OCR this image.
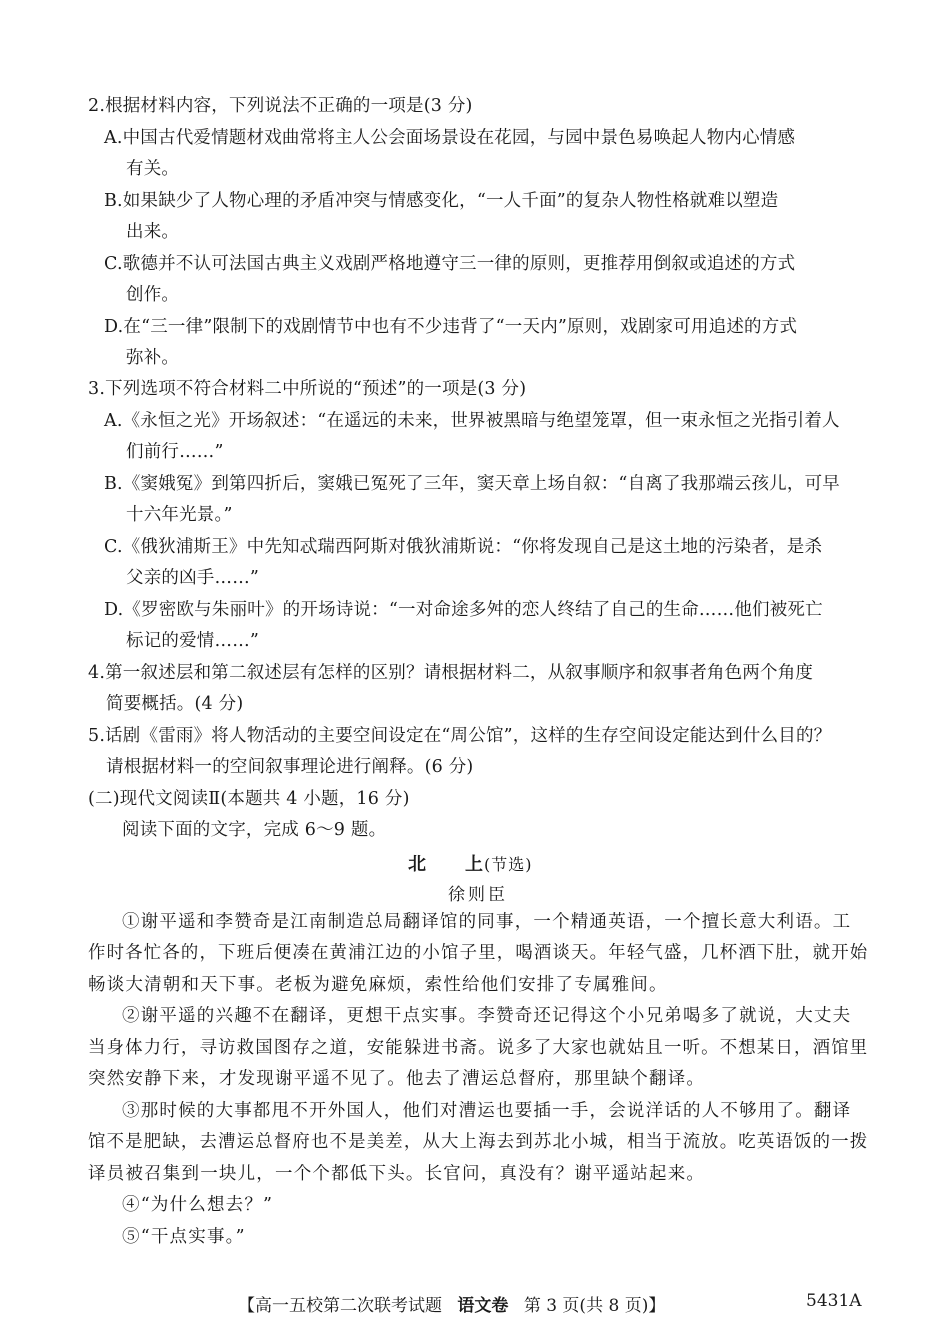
2.根据材料内容，下列说法不正确的一项是(3 分)
A.中国古代爱情题材戏曲常将主人公会面场景设在花园，与园中景色易唤起人物内心情感
有关。
B.如果缺少了人物心理的矛盾冲突与情感变化，“一人千面”的复杂人物性格就难以塑造
出来。
C.歌德并不认可法国古典主义戏剧严格地遵守三一律的原则，更推荐用倒叙或追述的方式
创作。
D.在“三一律”限制下的戏剧情节中也有不少违背了“一天内”原则，戏剧家可用追述的方式
弥补。
3.下列选项不符合材料二中所说的“预述”的一项是(3 分)
A.《永恒之光》开场叙述：“在遥远的未来，世界被黑暗与绝望笼罩，但一束永恒之光指引着人
们前行……”
B.《窦娥冤》到第四折后，窦娥已冤死了三年，窦天章上场自叙：“自离了我那端云孩儿，可早
十六年光景。”
C.《俄狄浦斯王》中先知忒瑞西阿斯对俄狄浦斯说：“你将发现自己是这土地的污染者，是杀
父亲的凶手……”
D.《罗密欧与朱丽叶》的开场诗说：“一对命途多舛的恋人终结了自己的生命……他们被死亡
标记的爱情……”
4.第一叙述层和第二叙述层有怎样的区别？请根据材料二，从叙事顺序和叙事者角色两个角度
简要概括。(4 分)
5.话剧《雷雨》将人物活动的主要空间设定在“周公馆”，这样的生存空间设定能达到什么目的？
请根据材料一的空间叙事理论进行阐释。(6 分)
(二)现代文阅读Ⅱ(本题共 4 小题，16 分)
阅读下面的文字，完成 6～9 题。
北　　上(节选)
徐则臣
①谢平遥和李赞奇是江南制造总局翻译馆的同事，一个精通英语，一个擅长意大利语。工
作时各忙各的，下班后便凑在黄浦江边的小馆子里，喝酒谈天。年轻气盛，几杯酒下肚，就开始
畅谈大清朝和天下事。老板为避免麻烦，索性给他们安排了专属雅间。
②谢平遥的兴趣不在翻译，更想干点实事。李赞奇还记得这个小兄弟喝多了就说，大丈夫
当身体力行，寻访救国图存之道，安能躲进书斋。说多了大家也就姑且一听。不想某日，酒馆里
突然安静下来，才发现谢平遥不见了。他去了漕运总督府，那里缺个翻译。
③那时候的大事都甩不开外国人，他们对漕运也要插一手，会说洋话的人不够用了。翻译
馆不是肥缺，去漕运总督府也不是美差，从大上海去到苏北小城，相当于流放。吃英语饭的一拨
译员被召集到一块儿，一个个都低下头。长官问，真没有？谢平遥站起来。
④“为什么想去？”
⑤“干点实事。”
【高一五校第二次联考试题 语文卷 第 3 页(共 8 页)】	5431A
